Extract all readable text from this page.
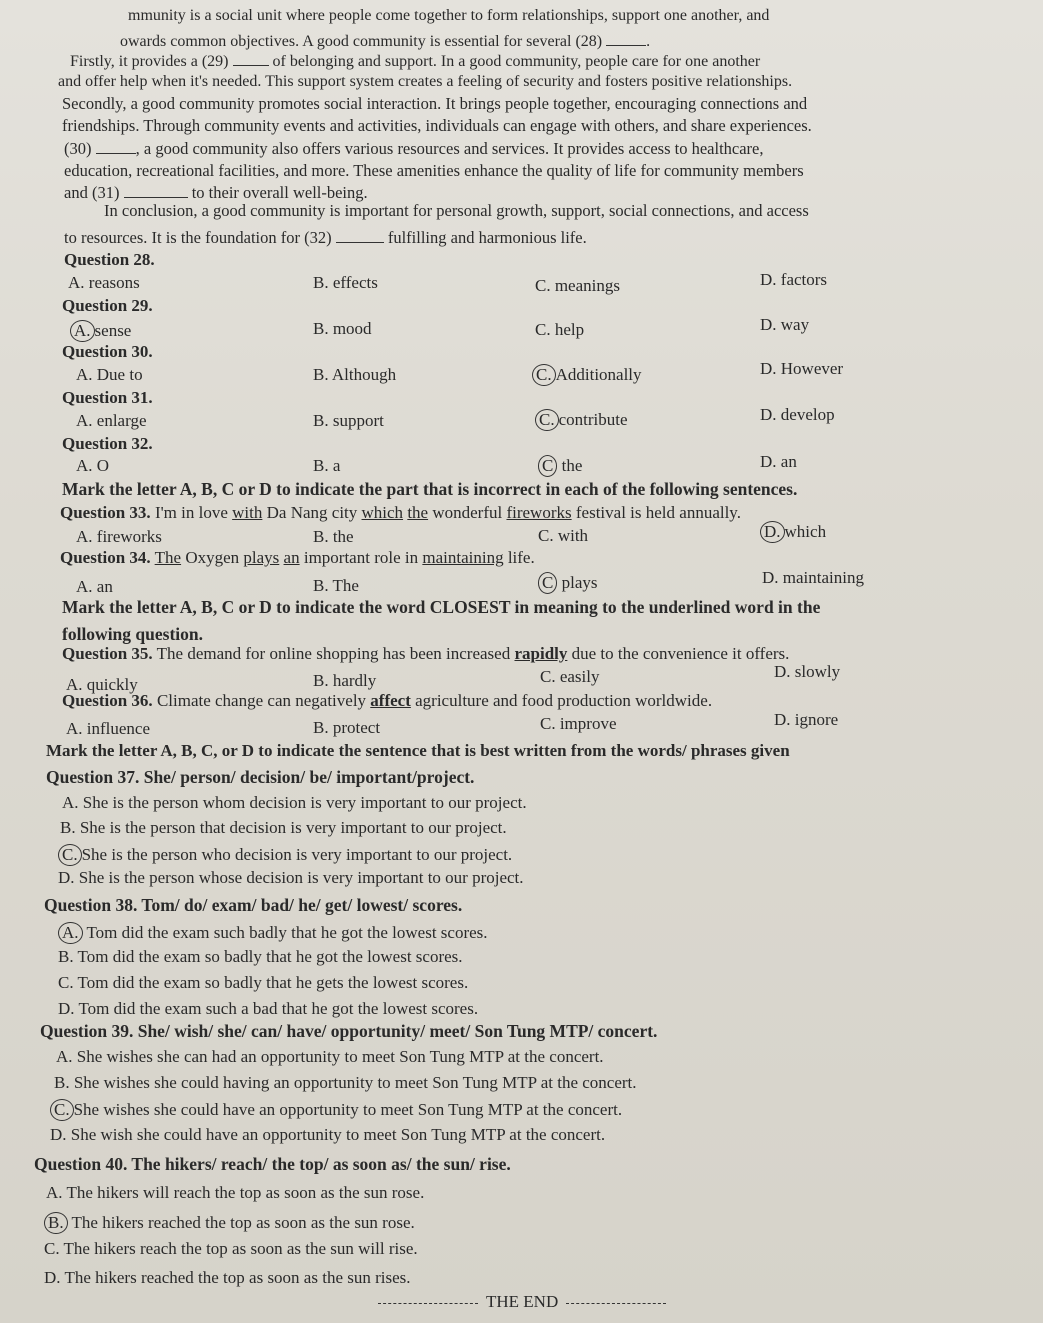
mmunity is a social unit where people come together to form relationships, support one another, and
owards common objectives. A good community is essential for several (28)	.
Firstly, it provides a (29)	of belonging and support. In a good community, people care for one another
and offer help when it's needed. This support system creates a feeling of security and fosters positive relationships.
Secondly, a good community promotes social interaction. It brings people together, encouraging connections and
friendships. Through community events and activities, individuals can engage with others, and share experiences.
(30)	, a good community also offers various resources and services. It provides access to healthcare,
education, recreational facilities, and more. These amenities enhance the quality of life for community members
and (31)	to their overall well-being.
In conclusion, a good community is important for personal growth, support, social connections, and access
to resources. It is the foundation for (32)	fulfilling and harmonious life.
Question 28.
A. reasons	B. effects	C. meanings	D. factors
Question 29.
A. sense	B. mood	C. help	D. way
Question 30.
A. Due to	B. Although	C. Additionally	D. However
Question 31.
A. enlarge	B. support	C. contribute	D. develop
Question 32.
A. O	B. a	C the	D. an
Mark the letter A, B, C or D to indicate the part that is incorrect in each of the following sentences.
Question 33. I'm in love with Da Nang city which the wonderful fireworks festival is held annually.
A. fireworks	B. the	C. with	D. which
Question 34. The Oxygen plays an important role in maintaining life.
A. an	B. The	C plays	D. maintaining
Mark the letter A, B, C or D to indicate the word CLOSEST in meaning to the underlined word in the
following question.
Question 35. The demand for online shopping has been increased rapidly due to the convenience it offers.
A. quickly	B. hardly	C. easily	D. slowly
Question 36. Climate change can negatively affect agriculture and food production worldwide.
A. influence	B. protect	C. improve	D. ignore
Mark the letter A, B, C, or D to indicate the sentence that is best written from the words/ phrases given
Question 37. She/ person/ decision/ be/ important/project.
A. She is the person whom decision is very important to our project.
B. She is the person that decision is very important to our project.
C. She is the person who decision is very important to our project.
D. She is the person whose decision is very important to our project.
Question 38. Tom/ do/ exam/ bad/ he/ get/ lowest/ scores.
A. Tom did the exam such badly that he got the lowest scores.
B. Tom did the exam so badly that he got the lowest scores.
C. Tom did the exam so badly that he gets the lowest scores.
D. Tom did the exam such a bad that he got the lowest scores.
Question 39. She/ wish/ she/ can/ have/ opportunity/ meet/ Son Tung MTP/ concert.
A. She wishes she can had an opportunity to meet Son Tung MTP at the concert.
B. She wishes she could having an opportunity to meet Son Tung MTP at the concert.
C. She wishes she could have an opportunity to meet Son Tung MTP at the concert.
D. She wish she could have an opportunity to meet Son Tung MTP at the concert.
Question 40. The hikers/ reach/ the top/ as soon as/ the sun/ rise.
A. The hikers will reach the top as soon as the sun rose.
B. The hikers reached the top as soon as the sun rose.
C. The hikers reach the top as soon as the sun will rise.
D. The hikers reached the top as soon as the sun rises.
THE END
